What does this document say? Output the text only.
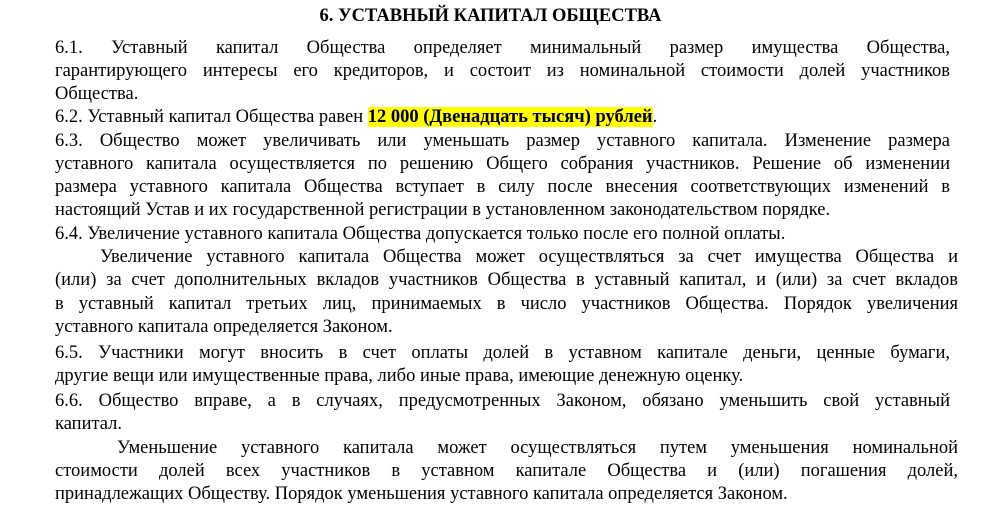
6. УСТАВНЫЙ КАПИТАЛ ОБЩЕСТВА
6.1. Уставный капитал Общества определяет минимальный размер имущества Общества,
гарантирующего интересы его кредиторов, и состоит из номинальной стоимости долей участников
Общества.
6.2. Уставный капитал Общества равен 12 000 (Двенадцать тысяч) рублей.
6.3. Общество может увеличивать или уменьшать размер уставного капитала. Изменение размера
уставного капитала осуществляется по решению Общего собрания участников. Решение об изменении
размера уставного капитала Общества вступает в силу после внесения соответствующих изменений в
настоящий Устав и их государственной регистрации в установленном законодательством порядке.
6.4. Увеличение уставного капитала Общества допускается только после его полной оплаты.
Увеличение уставного капитала Общества может осуществляться за счет имущества Общества и
(или) за счет дополнительных вкладов участников Общества в уставный капитал, и (или) за счет вкладов
в уставный капитал третьих лиц, принимаемых в число участников Общества. Порядок увеличения
уставного капитала определяется Законом.
6.5. Участники могут вносить в счет оплаты долей в уставном капитале деньги, ценные бумаги,
другие вещи или имущественные права, либо иные права, имеющие денежную оценку.
6.6. Общество вправе, а в случаях, предусмотренных Законом, обязано уменьшить свой уставный
капитал.
Уменьшение уставного капитала может осуществляться путем уменьшения номинальной
стоимости долей всех участников в уставном капитале Общества и (или) погашения долей,
принадлежащих Обществу. Порядок уменьшения уставного капитала определяется Законом.
